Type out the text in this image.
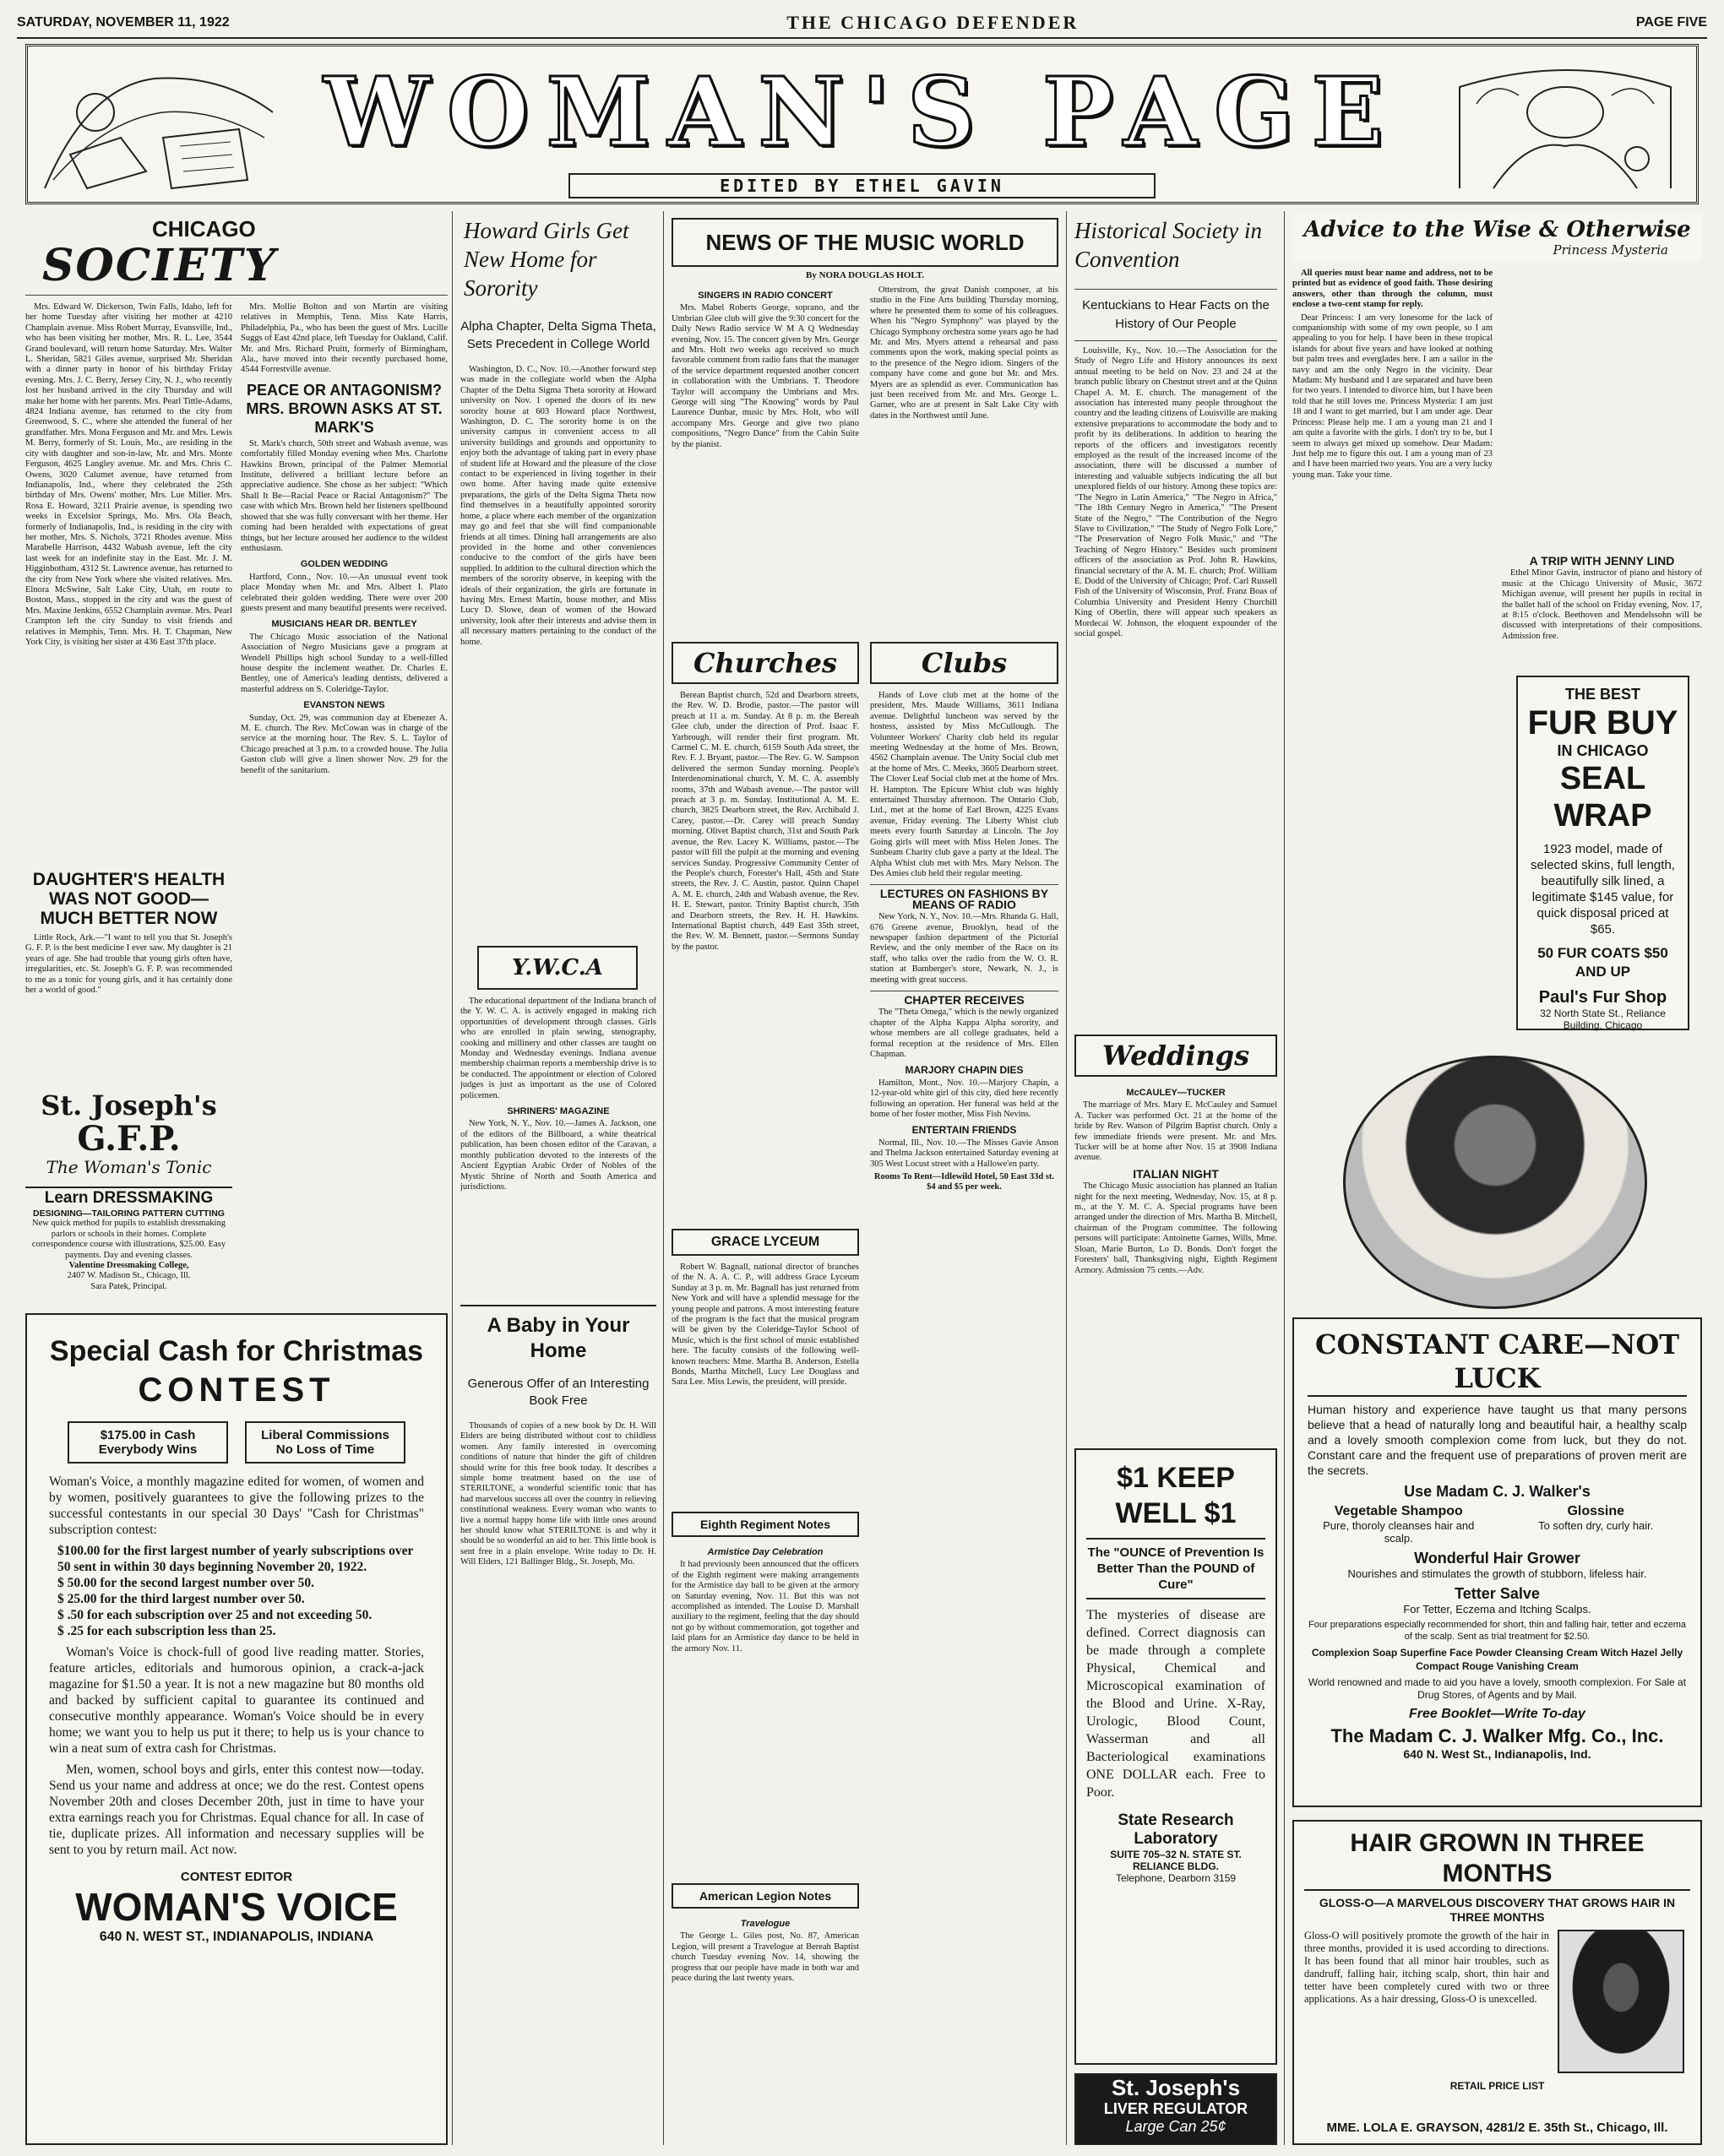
SATURDAY, NOVEMBER 11, 1922	THE CHICAGO DEFENDER	PAGE FIVE
WOMAN'S PAGE
EDITED BY ETHEL GAVIN
CHICAGO
SOCIETY

Mrs. Edward W. Dickerson, Twin Falls, Idaho, left for her home Tuesday after visiting her mother at 4210 Champlain avenue. Miss Robert Murray, Evansville, Ind., who has been visiting her mother, Mrs. R. L. Lee, 3544 Grand boulevard, will return home Saturday. Mrs. Walter L. Sheridan, 5821 Giles avenue, surprised Mr. Sheridan with a dinner party in honor of his birthday Friday evening. Mrs. J. C. Berry, Jersey City, N. J., who recently lost her husband arrived in the city Thursday and will make her home with her parents. Mrs. Pearl Tittle-Adams, 4824 Indiana avenue, has returned to the city from Greenwood, S. C., where she attended the funeral of her grandfather. Mrs. Mona Ferguson and Mr. and Mrs. Lewis M. Berry, formerly of St. Louis, Mo., are residing in the city with daughter and son-in-law, Mr. and Mrs. Monte Ferguson, 4625 Langley avenue. Mr. and Mrs. Chris C. Owens, 3020 Calumet avenue, have returned from Indianapolis, Ind., where they celebrated the 25th birthday of Mrs. Owens' mother, Mrs. Lue Miller. Mrs. Rosa E. Howard, 3211 Prairie avenue, is spending two weeks in Excelsior Springs, Mo. Mrs. Ola Beach, formerly of Indianapolis, Ind., is residing in the city with her mother, Mrs. S. Nichols, 3721 Rhodes avenue. Miss Marabelle Harrison, 4432 Wabash avenue, left the city last week for an indefinite stay in the East. Mr. J. M. Higginbotham, 4312 St. Lawrence avenue, has returned to the city from New York where she visited relatives. Mrs. Elnora McSwine, Salt Lake City, Utah, en route to Boston, Mass., stopped in the city and was the guest of Mrs. Maxine Jenkins, 6552 Champlain avenue. Mrs. Pearl Crampton left the city Sunday to visit friends and relatives in Memphis, Tenn. Mrs. H. T. Chapman, New York City, is visiting her sister at 436 East 37th place.

Mrs. Mollie Bolton and son Martin are visiting relatives in Memphis, Tenn. Miss Kate Harris, Philadelphia, Pa., who has been the guest of Mrs. Lucille Suggs of East 42nd place, left Tuesday for Oakland, Calif. Mr. and Mrs. Richard Pruitt, formerly of Birmingham, Ala., have moved into their recently purchased home, 4544 Forrestville avenue.

PEACE OR ANTAGONISM? MRS. BROWN ASKS AT ST. MARK'S

St. Mark's church, 50th street and Wabash avenue, was comfortably filled Monday evening when Mrs. Charlotte Hawkins Brown, principal of the Palmer Memorial Institute, delivered a brilliant lecture before an appreciative audience. She chose as her subject: "Which Shall It Be—Racial Peace or Racial Antagonism?" The case with which Mrs. Brown held her listeners spellbound showed that she was fully conversant with her theme. Her coming had been heralded with expectations of great things, but her lecture aroused her audience to the wildest enthusiasm.

GOLDEN WEDDING

Hartford, Conn., Nov. 10.—An unusual event took place Monday when Mr. and Mrs. Albert I. Plato celebrated their golden wedding. There were over 200 guests present and many beautiful presents were received.

MUSICIANS HEAR DR. BENTLEY

The Chicago Music association of the National Association of Negro Musicians gave a program at Wendell Phillips high school Sunday to a well-filled house despite the inclement weather. Dr. Charles E. Bentley, one of America's leading dentists, delivered a masterful address on S. Coleridge-Taylor.

EVANSTON NEWS

Sunday, Oct. 29, was communion day at Ebenezer A. M. E. church. The Rev. McCowan was in charge of the service at the morning hour. The Rev. S. L. Taylor of Chicago preached at 3 p.m. to a crowded house. The Julia Gaston club will give a linen shower Nov. 29 for the benefit of the sanitarium.

DAUGHTER'S HEALTH WAS NOT GOOD— MUCH BETTER NOW

Little Rock, Ark.—"I want to tell you that St. Joseph's G. F. P. is the best medicine I ever saw. My daughter is 21 years of age. She had trouble that young girls often have, irregularities, etc. St. Joseph's G. F. P. was recommended to me as a tonic for young girls, and it has certainly done her a world of good."

St. Joseph's
G.F.P.
The Woman's Tonic
Learn DRESSMAKING
DESIGNING—TAILORING PATTERN CUTTING
New quick method for pupils to establish dressmaking parlors or schools in their homes. Complete correspondence course with illustrations, $25.00. Easy payments. Day and evening classes.
Valentine Dressmaking College,
2407 W. Madison St., Chicago, Ill.
Sara Patek, Principal.
Special Cash for Christmas
CONTEST
$175.00 in Cash Everybody Wins
Liberal Commissions No Loss of Time
Woman's Voice, a monthly magazine edited for women, of women and by women, positively guarantees to give the following prizes to the successful contestants in our special 30 Days' "Cash for Christmas" subscription contest:
$100.00 for the first largest number of yearly subscriptions over 50 sent in within 30 days beginning November 20, 1922.
$ 50.00 for the second largest number over 50.
$ 25.00 for the third largest number over 50.
$ .50 for each subscription over 25 and not exceeding 50.
$ .25 for each subscription less than 25.
Woman's Voice is chock-full of good live reading matter. Stories, feature articles, editorials and humorous opinion, a crack-a-jack magazine for $1.50 a year. It is not a new magazine but 80 months old and backed by sufficient capital to guarantee its continued and consecutive monthly appearance. Woman's Voice should be in every home; we want you to help us put it there; to help us is your chance to win a neat sum of extra cash for Christmas.
Men, women, school boys and girls, enter this contest now—today. Send us your name and address at once; we do the rest. Contest opens November 20th and closes December 20th, just in time to have your extra earnings reach you for Christmas. Equal chance for all. In case of tie, duplicate prizes. All information and necessary supplies will be sent to you by return mail. Act now.
CONTEST EDITOR
WOMAN'S VOICE
640 N. WEST ST., INDIANAPOLIS, INDIANA
Howard Girls Get New Home for Sorority
Alpha Chapter, Delta Sigma Theta, Sets Precedent in College World

Washington, D. C., Nov. 10.—Another forward step was made in the collegiate world when the Alpha Chapter of the Delta Sigma Theta sorority at Howard university on Nov. 1 opened the doors of its new sorority house at 603 Howard place Northwest, Washington, D. C. The sorority home is on the university campus in convenient access to all university buildings and grounds and opportunity to enjoy both the advantage of taking part in every phase of student life at Howard and the pleasure of the close contact to be experienced in living together in their own home. After having made quite extensive preparations, the girls of the Delta Sigma Theta now find themselves in a beautifully appointed sorority home, a place where each member of the organization may go and feel that she will find companionable friends at all times. Dining hall arrangements are also provided in the home and other conveniences conducive to the comfort of the girls have been supplied. In addition to the cultural direction which the members of the sorority observe, in keeping with the ideals of their organization, the girls are fortunate in having Mrs. Ernest Martin, house mother, and Miss Lucy D. Slowe, dean of women of the Howard university, look after their interests and advise them in all necessary matters pertaining to the conduct of the home.

Y.W.C.A

The educational department of the Indiana branch of the Y. W. C. A. is actively engaged in making rich opportunities of development through classes. Girls who are enrolled in plain sewing, stenography, cooking and millinery and other classes are taught on Monday and Wednesday evenings. Indiana avenue membership chairman reports a membership drive is to be conducted. The appointment or election of Colored judges is just as important as the use of Colored policemen.

SHRINERS' MAGAZINE

New York, N. Y., Nov. 10.—James A. Jackson, one of the editors of the Billboard, a white theatrical publication, has been chosen editor of the Caravan, a monthly publication devoted to the interests of the Ancient Egyptian Arabic Order of Nobles of the Mystic Shrine of North and South America and jurisdictions.

A Baby in Your Home
Generous Offer of an Interesting Book Free

Thousands of copies of a new book by Dr. H. Will Elders are being distributed without cost to childless women. Any family interested in overcoming conditions of nature that hinder the gift of children should write for this free book today. It describes a simple home treatment based on the use of STERILTONE, a wonderful scientific tonic that has had marvelous success all over the country in relieving constitutional weakness. Every woman who wants to live a normal happy home life with little ones around her should know what STERILTONE is and why it should be so wonderful an aid to her. This little book is sent free in a plain envelope. Write today to Dr. H. Will Elders, 121 Ballinger Bldg., St. Joseph, Mo.

NEWS OF THE MUSIC WORLD
By NORA DOUGLAS HOLT.
SINGERS IN RADIO CONCERT

Mrs. Mabel Roberts George, soprano, and the Umbrian Glee club will give the 9:30 concert for the Daily News Radio service W M A Q Wednesday evening, Nov. 15. The concert given by Mrs. George and Mrs. Holt two weeks ago received so much favorable comment from radio fans that the manager of the service department requested another concert in collaboration with the Umbrians. T. Theodore Taylor will accompany the Umbrians and Mrs. George will sing "The Knowing" words by Paul Laurence Dunbar, music by Mrs. Holt, who will accompany Mrs. George and give two piano compositions, "Negro Dance" from the Cabin Suite by the pianist.

Otterstrom, the great Danish composer, at his studio in the Fine Arts building Thursday morning, where he presented them to some of his colleagues. When his "Negro Symphony" was played by the Chicago Symphony orchestra some years ago he had Mr. and Mrs. Myers attend a rehearsal and pass comments upon the work, making special points as to the presence of the Negro idiom. Singers of the company have come and gone but Mr. and Mrs. Myers are as splendid as ever. Communication has just been received from Mr. and Mrs. George L. Garner, who are at present in Salt Lake City with dates in the Northwest until June.

Churches

Berean Baptist church, 52d and Dearborn streets, the Rev. W. D. Brodie, pastor.—The pastor will preach at 11 a. m. Sunday. At 8 p. m. the Bereah Glee club, under the direction of Prof. Isaac F. Yarbrough, will render their first program. Mt. Carmel C. M. E. church, 6159 South Ada street, the Rev. F. J. Bryant, pastor.—The Rev. G. W. Sampson delivered the sermon Sunday morning. People's Interdenominational church, Y. M. C. A. assembly rooms, 37th and Wabash avenue.—The pastor will preach at 3 p. m. Sunday. Institutional A. M. E. church, 3825 Dearborn street, the Rev. Archibald J. Carey, pastor.—Dr. Carey will preach Sunday morning. Olivet Baptist church, 31st and South Park avenue, the Rev. Lacey K. Williams, pastor.—The pastor will fill the pulpit at the morning and evening services Sunday. Progressive Community Center of the People's church, Forester's Hall, 45th and State streets, the Rev. J. C. Austin, pastor. Quinn Chapel A. M. E. church, 24th and Wabash avenue, the Rev. H. E. Stewart, pastor. Trinity Baptist church, 35th and Dearborn streets, the Rev. H. H. Hawkins. International Baptist church, 449 East 35th street, the Rev. W. M. Bennett, pastor.—Sermons Sunday by the pastor.

GRACE LYCEUM

Robert W. Bagnall, national director of branches of the N. A. A. C. P., will address Grace Lyceum Sunday at 3 p. m. Mr. Bagnall has just returned from New York and will have a splendid message for the young people and patrons. A most interesting feature of the program is the fact that the musical program will be given by the Coleridge-Taylor School of Music, which is the first school of music established here. The faculty consists of the following well-known teachers: Mme. Martha B. Anderson, Estella Bonds, Martha Mitchell, Lucy Lee Douglass and Sara Lee. Miss Lewis, the president, will preside.

Eighth Regiment Notes
Armistice Day Celebration

It had previously been announced that the officers of the Eighth regiment were making arrangements for the Armistice day ball to be given at the armory on Saturday evening, Nov. 11. But this was not accomplished as intended. The Louise D. Marshall auxiliary to the regiment, feeling that the day should not go by without commemoration, got together and laid plans for an Armistice day dance to be held in the armory Nov. 11.

American Legion Notes
Travelogue

The George L. Giles post, No. 87, American Legion, will present a Travelogue at Bereah Baptist church Tuesday evening Nov. 14, showing the progress that our people have made in both war and peace during the last twenty years.

Clubs

Hands of Love club met at the home of the president, Mrs. Maude Williams, 3611 Indiana avenue. Delightful luncheon was served by the hostess, assisted by Miss McCullough. The Volunteer Workers' Charity club held its regular meeting Wednesday at the home of Mrs. Brown, 4562 Champlain avenue. The Unity Social club met at the home of Mrs. C. Meeks, 3605 Dearborn street. The Clover Leaf Social club met at the home of Mrs. H. Hampton. The Epicure Whist club was highly entertained Thursday afternoon. The Ontario Club, Ltd., met at the home of Earl Brown, 4225 Evans avenue, Friday evening. The Liberty Whist club meets every fourth Saturday at Lincoln. The Joy Going girls will meet with Miss Helen Jones. The Sunbeam Charity club gave a party at the Ideal. The Alpha Whist club met with Mrs. Mary Nelson. The Des Amies club held their regular meeting.

LECTURES ON FASHIONS BY MEANS OF RADIO

New York, N. Y., Nov. 10.—Mrs. Rhanda G. Hall, 676 Greene avenue, Brooklyn, head of the newspaper fashion department of the Pictorial Review, and the only member of the Race on its staff, who talks over the radio from the W. O. R. station at Bamberger's store, Newark, N. J., is meeting with great success.

CHAPTER RECEIVES

The "Theta Omega," which is the newly organized chapter of the Alpha Kappa Alpha sorority, and whose members are all college graduates, held a formal reception at the residence of Mrs. Ellen Chapman.

MARJORY CHAPIN DIES

Hamilton, Mont., Nov. 10.—Marjory Chapin, a 12-year-old white girl of this city, died here recently following an operation. Her funeral was held at the home of her foster mother, Miss Fish Nevins.

ENTERTAIN FRIENDS

Normal, Ill., Nov. 10.—The Misses Gavie Anson and Thelma Jackson entertained Saturday evening at 305 West Locust street with a Hallowe'en party.

Rooms To Rent—Idlewild Hotel, 50 East 33d st. $4 and $5 per week.

Historical Society in Convention
Kentuckians to Hear Facts on the History of Our People

Louisville, Ky., Nov. 10.—The Association for the Study of Negro Life and History announces its next annual meeting to be held on Nov. 23 and 24 at the branch public library on Chestnut street and at the Quinn Chapel A. M. E. church. The management of the association has interested many people throughout the country and the leading citizens of Louisville are making extensive preparations to accommodate the body and to profit by its deliberations. In addition to hearing the reports of the officers and investigators recently employed as the result of the increased income of the association, there will be discussed a number of interesting and valuable subjects indicating the all but unexplored fields of our history. Among these topics are: "The Negro in Latin America," "The Negro in Africa," "The 18th Century Negro in America," "The Present State of the Negro," "The Contribution of the Negro Slave to Civilization," "The Study of Negro Folk Lore," "The Preservation of Negro Folk Music," and "The Teaching of Negro History." Besides such prominent officers of the association as Prof. John R. Hawkins, financial secretary of the A. M. E. church; Prof. William E. Dodd of the University of Chicago; Prof. Carl Russell Fish of the University of Wisconsin, Prof. Franz Boas of Columbia University and President Henry Churchill King of Oberlin, there will appear such speakers as Mordecai W. Johnson, the eloquent expounder of the social gospel.

Weddings
McCAULEY—TUCKER

The marriage of Mrs. Mary E. McCauley and Samuel A. Tucker was performed Oct. 21 at the home of the bride by Rev. Watson of Pilgrim Baptist church. Only a few immediate friends were present. Mr. and Mrs. Tucker will be at home after Nov. 15 at 3908 Indiana avenue.

ITALIAN NIGHT

The Chicago Music association has planned an Italian night for the next meeting, Wednesday, Nov. 15, at 8 p. m., at the Y. M. C. A. Special programs have been arranged under the direction of Mrs. Martha B. Mitchell, chairman of the Program committee. The following persons will participate: Antoinette Garnes, Wills, Mme. Sloan, Marie Burton, Lo D. Bonds. Don't forget the Foresters' ball, Thanksgiving night, Eighth Regiment Armory. Admission 75 cents.—Adv.

$1 KEEP WELL $1
The "OUNCE of Prevention Is Better Than the POUND of Cure"
The mysteries of disease are defined. Correct diagnosis can be made through a complete Physical, Chemical and Microscopical examination of the Blood and Urine. X-Ray, Urologic, Blood Count, Wasserman and all Bacteriological examinations ONE DOLLAR each. Free to Poor.
State Research Laboratory
SUITE 705–32 N. STATE ST. RELIANCE BLDG.
Telephone, Dearborn 3159
St. Joseph's
LIVER REGULATOR
Large Can 25¢
Advice to the Wise & Otherwise
Princess Mysteria

All queries must bear name and address, not to be printed but as evidence of good faith. Those desiring answers, other than through the column, must enclose a two-cent stamp for reply.

Dear Princess: I am very lonesome for the lack of companionship with some of my own people, so I am appealing to you for help. I have been in these tropical islands for about five years and have looked at nothing but palm trees and everglades here. I am a sailor in the navy and am the only Negro in the vicinity. Dear Madam: My husband and I are separated and have been for two years. I intended to divorce him, but I have been told that he still loves me. Princess Mysteria: I am just 18 and I want to get married, but I am under age. Dear Princess: Please help me. I am a young man 21 and I am quite a favorite with the girls. I don't try to be, but I seem to always get mixed up somehow. Dear Madam: Just help me to figure this out. I am a young man of 23 and I have been married two years. You are a very lucky young man. Take your time.

A TRIP WITH JENNY LIND

Ethel Minor Gavin, instructor of piano and history of music at the Chicago University of Music, 3672 Michigan avenue, will present her pupils in recital in the ballet hall of the school on Friday evening, Nov. 17, at 8:15 o'clock. Beethoven and Mendelssohn will be discussed with interpretations of their compositions. Admission free.

THE BEST
FUR BUY
IN CHICAGO
SEAL WRAP
1923 model, made of selected skins, full length, beautifully silk lined, a legitimate $145 value, for quick disposal priced at $65.
50 FUR COATS $50 AND UP
Paul's Fur Shop
32 North State St., Reliance Building, Chicago
CONSTANT CARE—NOT LUCK
Human history and experience have taught us that many persons believe that a head of naturally long and beautiful hair, a healthy scalp and a lovely smooth complexion come from luck, but they do not. Constant care and the frequent use of preparations of proven merit are the secrets.
Use Madam C. J. Walker's
Vegetable Shampoo
Pure, thoroly cleanses hair and scalp.
Glossine
To soften dry, curly hair.
Wonderful Hair Grower
Nourishes and stimulates the growth of stubborn, lifeless hair.
Tetter Salve
For Tetter, Eczema and Itching Scalps.
Four preparations especially recommended for short, thin and falling hair, tetter and eczema of the scalp. Sent as trial treatment for $2.50.
Complexion Soap Superfine Face Powder Cleansing Cream Witch Hazel Jelly Compact Rouge Vanishing Cream
World renowned and made to aid you have a lovely, smooth complexion. For Sale at Drug Stores, of Agents and by Mail.
Free Booklet—Write To-day
The Madam C. J. Walker Mfg. Co., Inc.
640 N. West St., Indianapolis, Ind.
HAIR GROWN IN THREE MONTHS
GLOSS-O—A MARVELOUS DISCOVERY THAT GROWS HAIR IN THREE MONTHS
Gloss-O will positively promote the growth of the hair in three months, provided it is used according to directions. It has been found that all minor hair troubles, such as dandruff, falling hair, itching scalp, short, thin hair and tetter have been completely cured with two or three applications. As a hair dressing, Gloss-O is unexcelled.
RETAIL PRICE LIST
MME. LOLA E. GRAYSON, 4281/2 E. 35th St., Chicago, Ill.
